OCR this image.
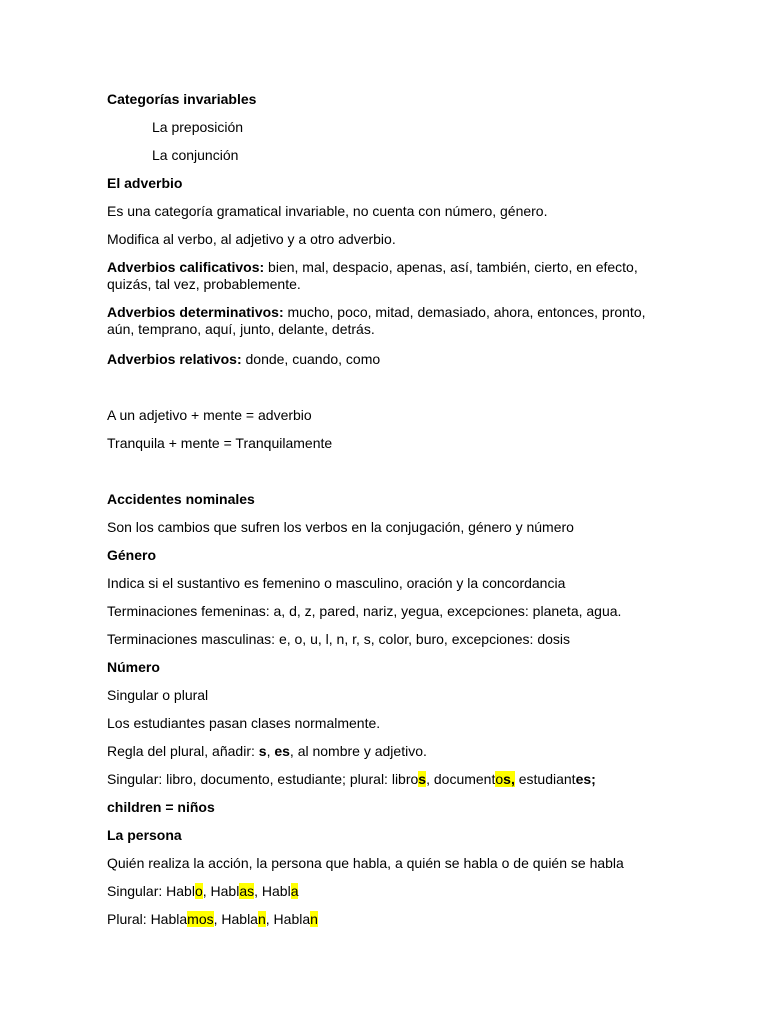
Categorías invariables
La preposición
La conjunción
El adverbio
Es una categoría gramatical invariable, no cuenta con número, género.
Modifica al verbo, al adjetivo y a otro adverbio.
Adverbios calificativos: bien, mal, despacio, apenas, así, también, cierto, en efecto, quizás, tal vez, probablemente.
Adverbios determinativos: mucho, poco, mitad, demasiado, ahora, entonces, pronto, aún, temprano, aquí, junto, delante, detrás.
Adverbios relativos: donde, cuando, como
A un adjetivo + mente = adverbio
Tranquila + mente = Tranquilamente
Accidentes nominales
Son los cambios que sufren los verbos en la conjugación, género y número
Género
Indica si el sustantivo es femenino o masculino, oración y la concordancia
Terminaciones femeninas: a, d, z, pared, nariz, yegua, excepciones: planeta, agua.
Terminaciones masculinas: e, o, u, l, n, r, s, color, buro, excepciones: dosis
Número
Singular o plural
Los estudiantes pasan clases normalmente.
Regla del plural, añadir: s, es, al nombre y adjetivo.
Singular: libro, documento, estudiante; plural: libros, documentos, estudiantes;
children = niños
La persona
Quién realiza la acción, la persona que habla, a quién se habla o de quién se habla
Singular: Hablo, Hablas, Habla
Plural: Hablamos, Hablan, Hablan
